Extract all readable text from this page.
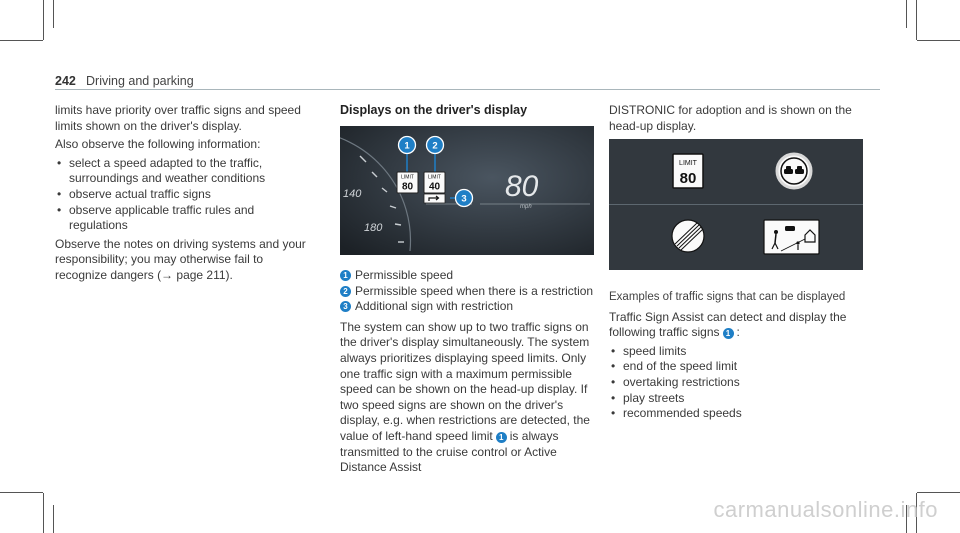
242 Driving and parking

limits have priority over traffic signs and speed limits shown on the driver's display.

Also observe the following information:

• select a speed adapted to the traffic, surroundings and weather conditions
• observe actual traffic signs
• observe applicable traffic rules and regulations

Observe the notes on driving systems and your responsibility; you may otherwise fail to recognize dangers (→ page 211).

Displays on the driver's display

140
180
80
mph
LIMIT
80
LIMIT
40
1 2
3
1 Permissible speed
2 Permissible speed when there is a restriction
3 Additional sign with restriction

The system can show up to two traffic signs on the driver's display simultaneously. The system always prioritizes displaying speed limits. Only one traffic sign with a maximum permissible speed can be shown on the head-up display. If two speed signs are shown on the driver's display, e.g. when restrictions are detected, the value of left-hand speed limit 1 is always transmitted to the cruise control or Active Distance Assist

DISTRONIC for adoption and is shown on the head-up display.

LIMIT
80

Examples of traffic signs that can be displayed

Traffic Sign Assist can detect and display the following traffic signs 1 :

• speed limits
• end of the speed limit
• overtaking restrictions
• play streets
• recommended speeds
carmanualsonline.info
